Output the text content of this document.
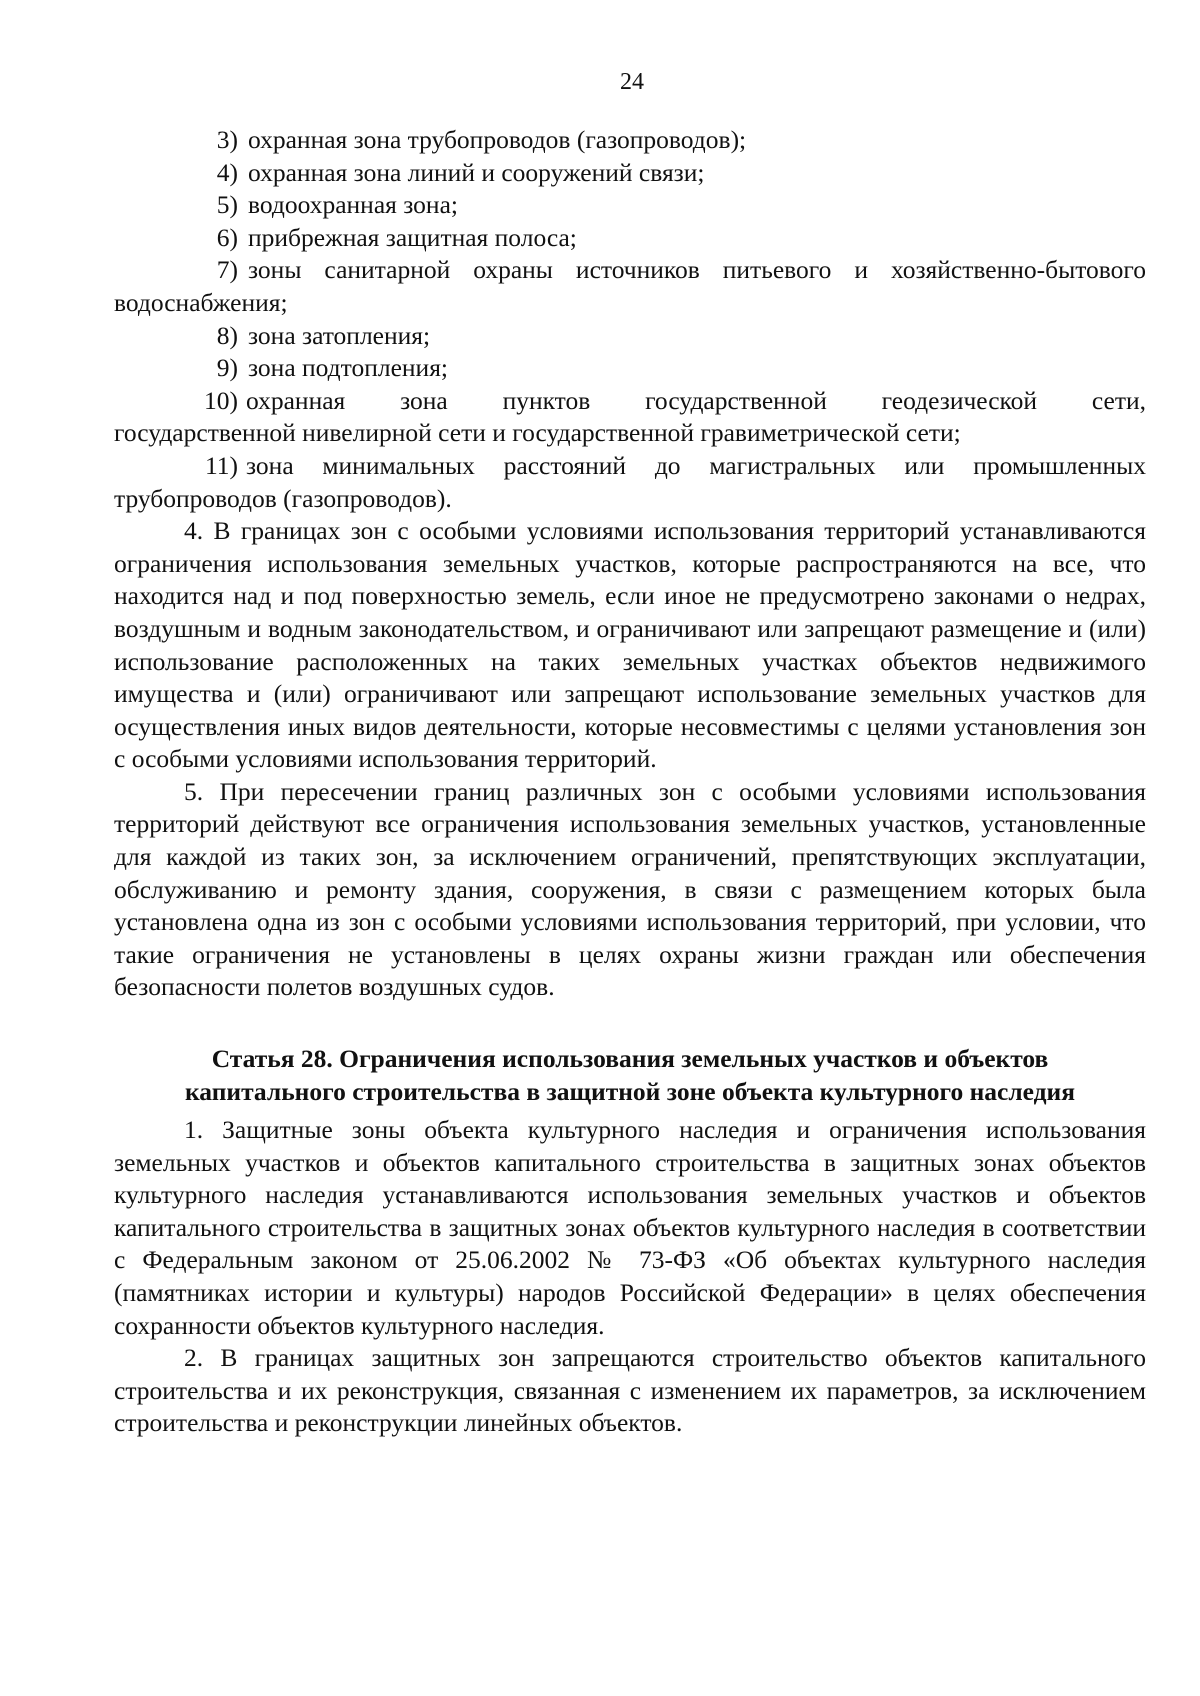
24
3) охранная зона трубопроводов (газопроводов);
4) охранная зона линий и сооружений связи;
5) водоохранная зона;
6) прибрежная защитная полоса;
7) зоны санитарной охраны источников питьевого и хозяйственно-бытового
водоснабжения;
8) зона затопления;
9) зона подтопления;
10) охранная зона пунктов государственной геодезической сети,
государственной нивелирной сети и государственной гравиметрической сети;
11) зона минимальных расстояний до магистральных или промышленных
трубопроводов (газопроводов).

4. В границах зон с особыми условиями использования территорий устанавливаются ограничения использования земельных участков, которые распространяются на все, что находится над и под поверхностью земель, если иное не предусмотрено законами о недрах, воздушным и водным законодательством, и ограничивают или запрещают размещение и (или) использование расположенных на таких земельных участках объектов недвижимого имущества и (или) ограничивают или запрещают использование земельных участков для осуществления иных видов деятельности, которые несовместимы с целями установления зон с особыми условиями использования территорий.

5. При пересечении границ различных зон с особыми условиями использования территорий действуют все ограничения использования земельных участков, установленные для каждой из таких зон, за исключением ограничений, препятствующих эксплуатации, обслуживанию и ремонту здания, сооружения, в связи с размещением которых была установлена одна из зон с особыми условиями использования территорий, при условии, что такие ограничения не установлены в целях охраны жизни граждан или обеспечения безопасности полетов воздушных судов.

Статья 28. Ограничения использования земельных участков и объектов
капитального строительства в защитной зоне объекта культурного наследия

1. Защитные зоны объекта культурного наследия и ограничения использования земельных участков и объектов капитального строительства в защитных зонах объектов культурного наследия устанавливаются использования земельных участков и объектов капитального строительства в защитных зонах объектов культурного наследия в соответствии с Федеральным законом от 25.06.2002 № 73-ФЗ «Об объектах культурного наследия (памятниках истории и культуры) народов Российской Федерации» в целях обеспечения сохранности объектов культурного наследия.

2. В границах защитных зон запрещаются строительство объектов капитального строительства и их реконструкция, связанная с изменением их параметров, за исключением строительства и реконструкции линейных объектов.
